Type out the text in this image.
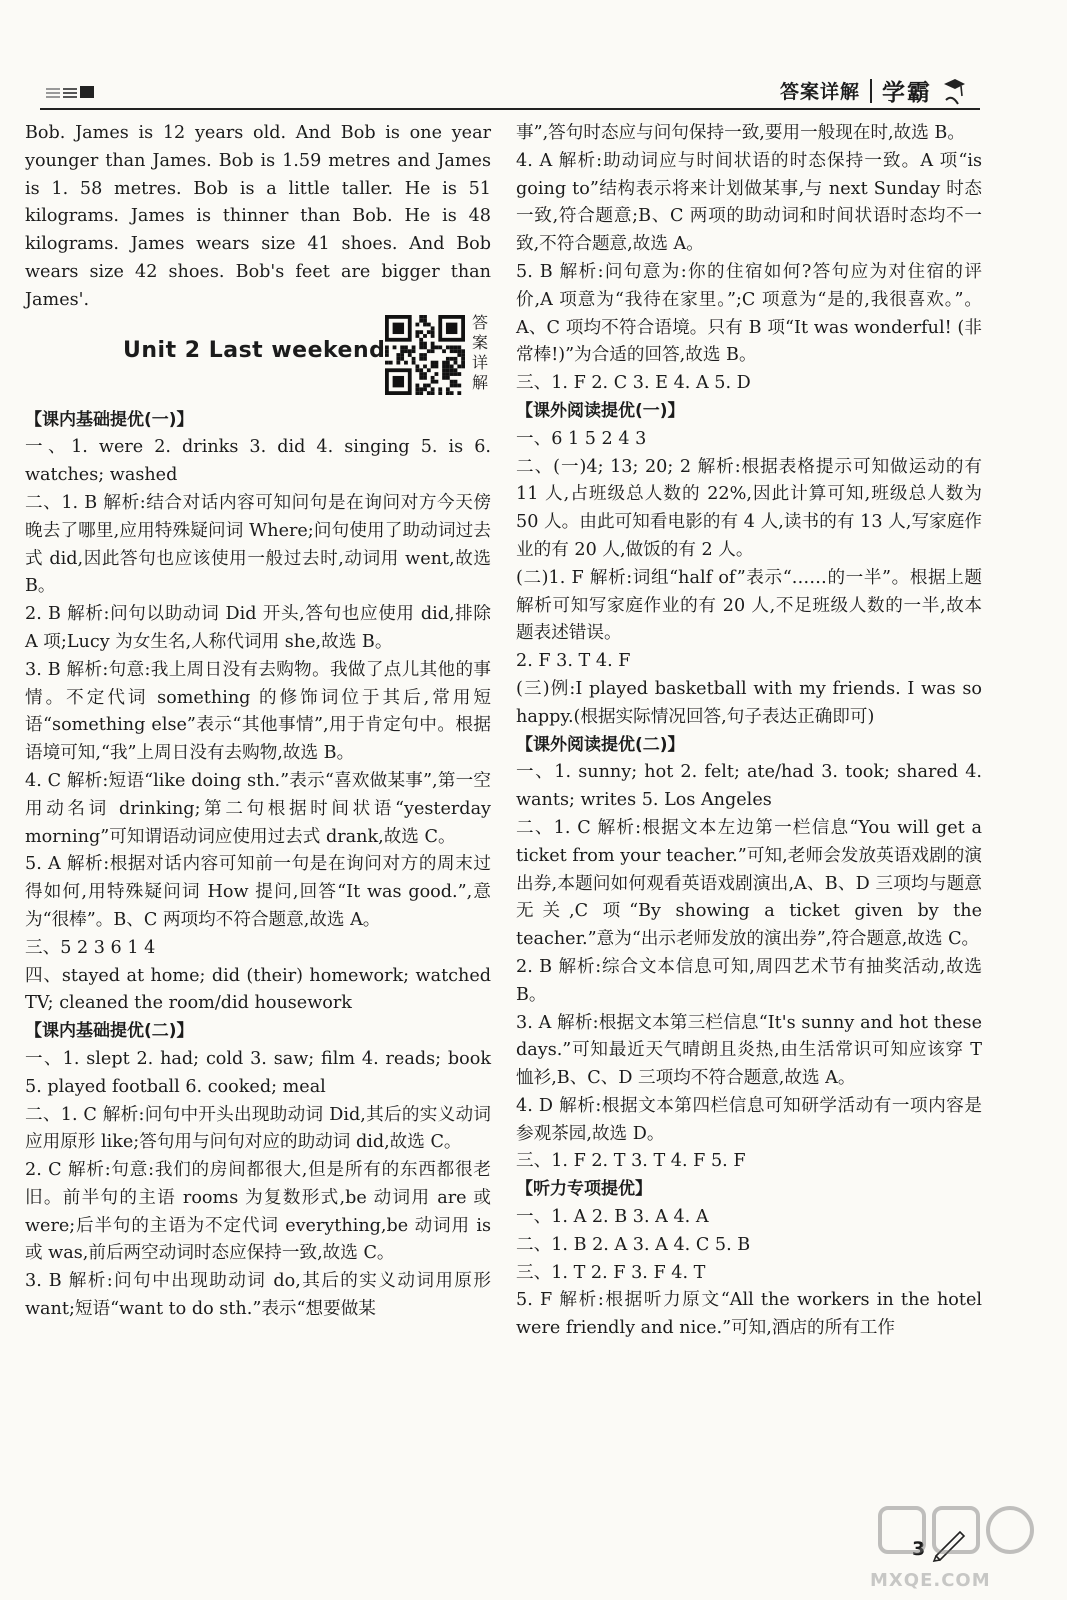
答案详解 学霸

Bob. James is 12 years old. And Bob is one year younger than James. Bob is 1.59 metres and James is 1. 58 metres. Bob is a little taller. He is 51 kilograms. James is thinner than Bob. He is 48 kilograms. James wears size 41 shoes. And Bob wears size 42 shoes. Bob's feet are bigger than James'.

Unit 2 Last weekend
答案详解

【课内基础提优(一)】

一、1. were 2. drinks 3. did 4. singing 5. is 6. watches; washed

二、1. B 解析:结合对话内容可知问句是在询问对方今天傍晚去了哪里,应用特殊疑问词 Where;问句使用了助动词过去式 did,因此答句也应该使用一般过去时,动词用 went,故选 B。

2. B 解析:问句以助动词 Did 开头,答句也应使用 did,排除 A 项;Lucy 为女生名,人称代词用 she,故选 B。

3. B 解析:句意:我上周日没有去购物。我做了点儿其他的事情。不定代词 something 的修饰词位于其后,常用短语“something else”表示“其他事情”,用于肯定句中。根据语境可知,“我”上周日没有去购物,故选 B。

4. C 解析:短语“like doing sth.”表示“喜欢做某事”,第一空用动名词 drinking;第二句根据时间状语“yesterday morning”可知谓语动词应使用过去式 drank,故选 C。

5. A 解析:根据对话内容可知前一句是在询问对方的周末过得如何,用特殊疑问词 How 提问,回答“It was good.”,意为“很棒”。B、C 两项均不符合题意,故选 A。

三、5 2 3 6 1 4

四、stayed at home; did (their) homework; watched TV; cleaned the room/did housework

【课内基础提优(二)】

一、1. slept 2. had; cold 3. saw; film 4. reads; book 5. played football 6. cooked; meal

二、1. C 解析:问句中开头出现助动词 Did,其后的实义动词应用原形 like;答句用与问句对应的助动词 did,故选 C。

2. C 解析:句意:我们的房间都很大,但是所有的东西都很老旧。前半句的主语 rooms 为复数形式,be 动词用 are 或 were;后半句的主语为不定代词 everything,be 动词用 is 或 was,前后两空动词时态应保持一致,故选 C。

3. B 解析:问句中出现助动词 do,其后的实义动词用原形 want;短语“want to do sth.”表示“想要做某

事”,答句时态应与问句保持一致,要用一般现在时,故选 B。

4. A 解析:助动词应与时间状语的时态保持一致。A 项“is going to”结构表示将来计划做某事,与 next Sunday 时态一致,符合题意;B、C 两项的助动词和时间状语时态均不一致,不符合题意,故选 A。

5. B 解析:问句意为:你的住宿如何?答句应为对住宿的评价,A 项意为“我待在家里。”;C 项意为“是的,我很喜欢。”。A、C 项均不符合语境。只有 B 项“It was wonderful! (非常棒!)”为合适的回答,故选 B。

三、1. F 2. C 3. E 4. A 5. D

【课外阅读提优(一)】

一、6 1 5 2 4 3

二、(一)4; 13; 20; 2 解析:根据表格提示可知做运动的有 11 人,占班级总人数的 22%,因此计算可知,班级总人数为 50 人。由此可知看电影的有 4 人,读书的有 13 人,写家庭作业的有 20 人,做饭的有 2 人。

(二)1. F 解析:词组“half of”表示“……的一半”。根据上题解析可知写家庭作业的有 20 人,不足班级人数的一半,故本题表述错误。

2. F 3. T 4. F

(三)例:I played basketball with my friends. I was so happy.(根据实际情况回答,句子表达正确即可)

【课外阅读提优(二)】

一、1. sunny; hot 2. felt; ate/had 3. took; shared 4. wants; writes 5. Los Angeles

二、1. C 解析:根据文本左边第一栏信息“You will get a ticket from your teacher.”可知,老师会发放英语戏剧的演出券,本题问如何观看英语戏剧演出,A、B、D 三项均与题意无关,C 项“By showing a ticket given by the teacher.”意为“出示老师发放的演出券”,符合题意,故选 C。

2. B 解析:综合文本信息可知,周四艺术节有抽奖活动,故选 B。

3. A 解析:根据文本第三栏信息“It's sunny and hot these days.”可知最近天气晴朗且炎热,由生活常识可知应该穿 T 恤衫,B、C、D 三项均不符合题意,故选 A。

4. D 解析:根据文本第四栏信息可知研学活动有一项内容是参观茶园,故选 D。

三、1. F 2. T 3. T 4. F 5. F

【听力专项提优】

一、1. A 2. B 3. A 4. A

二、1. B 2. A 3. A 4. C 5. B

三、1. T 2. F 3. F 4. T

5. F 解析:根据听力原文“All the workers in the hotel were friendly and nice.”可知,酒店的所有工作

3
MXQE.COM
